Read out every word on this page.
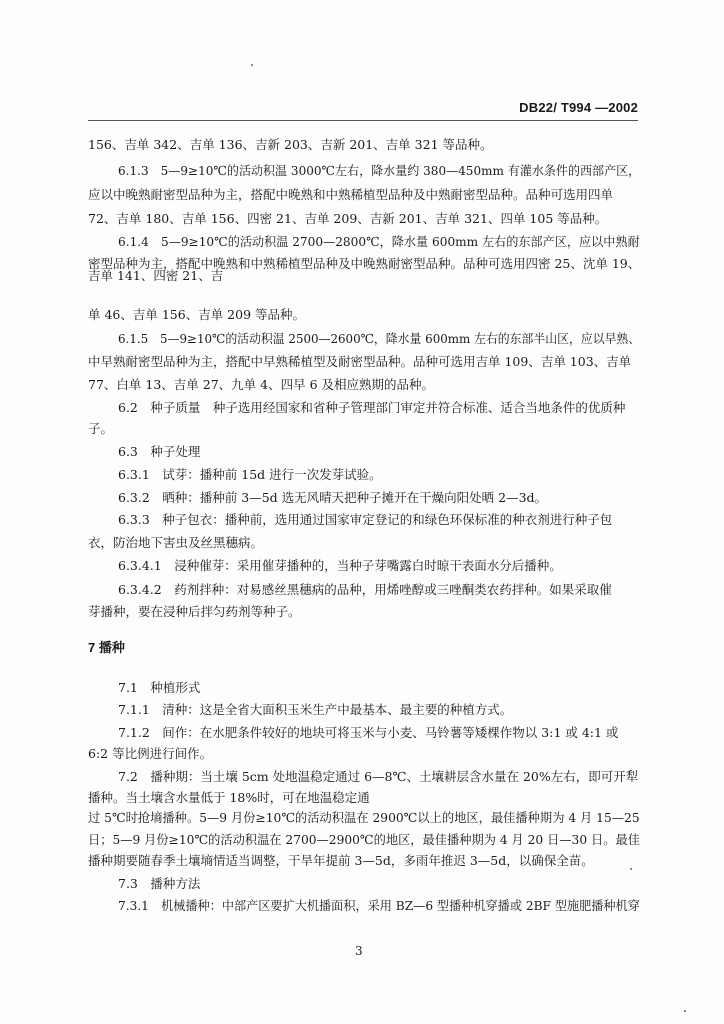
DB22/ T994 —2002
156、吉单 342、吉单 136、吉新 203、吉新 201、吉单 321 等品种。
6.1.3　5—9≥10℃的活动积温 3000℃左右，降水量约 380—450mm 有灌水条件的西部产区，
应以中晚熟耐密型品种为主，搭配中晚熟和中熟稀植型品种及中熟耐密型品种。品种可选用四单
72、吉单 180、吉单 156、四密 21、吉单 209、吉新 201、吉单 321、四单 105 等品种。
6.1.4　5—9≥10℃的活动积温 2700—2800℃，降水量 600mm 左右的东部产区，应以中熟耐
密型品种为主，搭配中晚熟和中熟稀植型品种及中晚熟耐密型品种。品种可选用四密 25、沈单 19、
吉单 141、四密 21、吉
单 46、吉单 156、吉单 209 等品种。
6.1.5　5—9≥10℃的活动积温 2500—2600℃，降水量 600mm 左右的东部半山区，应以早熟、
中早熟耐密型品种为主，搭配中早熟稀植型及耐密型品种。品种可选用吉单 109、吉单 103、吉单
77、白单 13、吉单 27、九单 4、四早 6 及相应熟期的品种。
6.2　种子质量　种子选用经国家和省种子管理部门审定并符合标准、适合当地条件的优质种
子。
6.3　种子处理
6.3.1　试芽：播种前 15d 进行一次发芽试验。
6.3.2　晒种：播种前 3—5d 选无风晴天把种子摊开在干燥向阳处晒 2—3d。
6.3.3　种子包衣：播种前，选用通过国家审定登记的和绿色环保标准的种衣剂进行种子包
衣，防治地下害虫及丝黑穗病。
6.3.4.1　浸种催芽：采用催芽播种的，当种子芽嘴露白时晾干表面水分后播种。
6.3.4.2　药剂拌种：对易感丝黑穗病的品种，用烯唑醇或三唑酮类农药拌种。如果采取催
芽播种，要在浸种后拌匀药剂等种子。
7 播种
7.1　种植形式
7.1.1　清种：这是全省大面积玉米生产中最基本、最主要的种植方式。
7.1.2　间作：在水肥条件较好的地块可将玉米与小麦、马铃薯等矮棵作物以 3:1 或 4:1 或
6:2 等比例进行间作。
7.2　播种期：当土壤 5cm 处地温稳定通过 6—8℃、土壤耕层含水量在 20%左右，即可开犁
播种。当土壤含水量低于 18%时，可在地温稳定通
过 5℃时抢墒播种。5—9 月份≥10℃的活动积温在 2900℃以上的地区，最佳播种期为 4 月 15—25
日；5—9 月份≥10℃的活动积温在 2700—2900℃的地区，最佳播种期为 4 月 20 日—30 日。最佳
播种期要随春季土壤墒情适当调整，干旱年提前 3—5d，多雨年推迟 3—5d，以确保全苗。
7.3　播种方法
7.3.1　机械播种：中部产区要扩大机播面积，采用 BZ—6 型播种机穿播或 2BF 型施肥播种机穿
3
